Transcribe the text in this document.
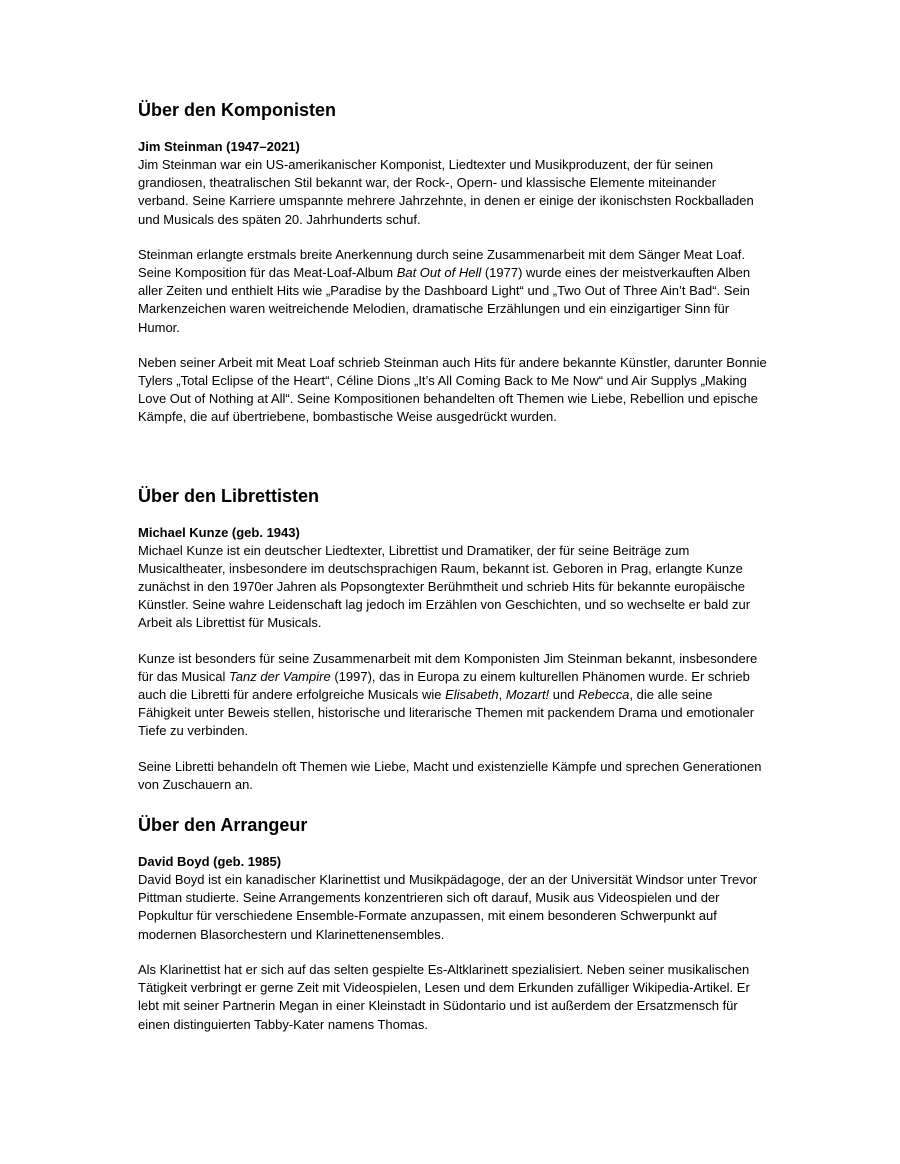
Über den Komponisten
Jim Steinman (1947–2021)

Jim Steinman war ein US-amerikanischer Komponist, Liedtexter und Musikproduzent, der für seinen grandiosen, theatralischen Stil bekannt war, der Rock-, Opern- und klassische Elemente miteinander verband. Seine Karriere umspannte mehrere Jahrzehnte, in denen er einige der ikonischsten Rockballaden und Musicals des späten 20. Jahrhunderts schuf.

Steinman erlangte erstmals breite Anerkennung durch seine Zusammenarbeit mit dem Sänger Meat Loaf. Seine Komposition für das Meat-Loaf-Album Bat Out of Hell (1977) wurde eines der meistverkauften Alben aller Zeiten und enthielt Hits wie „Paradise by the Dashboard Light“ und „Two Out of Three Ain’t Bad“. Sein Markenzeichen waren weitreichende Melodien, dramatische Erzählungen und ein einzigartiger Sinn für Humor.

Neben seiner Arbeit mit Meat Loaf schrieb Steinman auch Hits für andere bekannte Künstler, darunter Bonnie Tylers „Total Eclipse of the Heart“, Céline Dions „It’s All Coming Back to Me Now“ und Air Supplys „Making Love Out of Nothing at All“. Seine Kompositionen behandelten oft Themen wie Liebe, Rebellion und epische Kämpfe, die auf übertriebene, bombastische Weise ausgedrückt wurden.

Über den Librettisten
Michael Kunze (geb. 1943)

Michael Kunze ist ein deutscher Liedtexter, Librettist und Dramatiker, der für seine Beiträge zum Musicaltheater, insbesondere im deutschsprachigen Raum, bekannt ist. Geboren in Prag, erlangte Kunze zunächst in den 1970er Jahren als Popsongtexter Berühmtheit und schrieb Hits für bekannte europäische Künstler. Seine wahre Leidenschaft lag jedoch im Erzählen von Geschichten, und so wechselte er bald zur Arbeit als Librettist für Musicals.

Kunze ist besonders für seine Zusammenarbeit mit dem Komponisten Jim Steinman bekannt, insbesondere für das Musical Tanz der Vampire (1997), das in Europa zu einem kulturellen Phänomen wurde. Er schrieb auch die Libretti für andere erfolgreiche Musicals wie Elisabeth, Mozart! und Rebecca, die alle seine Fähigkeit unter Beweis stellen, historische und literarische Themen mit packendem Drama und emotionaler Tiefe zu verbinden.

Seine Libretti behandeln oft Themen wie Liebe, Macht und existenzielle Kämpfe und sprechen Generationen von Zuschauern an.

Über den Arrangeur
David Boyd (geb. 1985)

David Boyd ist ein kanadischer Klarinettist und Musikpädagoge, der an der Universität Windsor unter Trevor Pittman studierte. Seine Arrangements konzentrieren sich oft darauf, Musik aus Videospielen und der Popkultur für verschiedene Ensemble-Formate anzupassen, mit einem besonderen Schwerpunkt auf modernen Blasorchestern und Klarinettenensembles.

Als Klarinettist hat er sich auf das selten gespielte Es-Altklarinett spezialisiert. Neben seiner musikalischen Tätigkeit verbringt er gerne Zeit mit Videospielen, Lesen und dem Erkunden zufälliger Wikipedia-Artikel. Er lebt mit seiner Partnerin Megan in einer Kleinstadt in Südontario und ist außerdem der Ersatzmensch für einen distinguierten Tabby-Kater namens Thomas.
